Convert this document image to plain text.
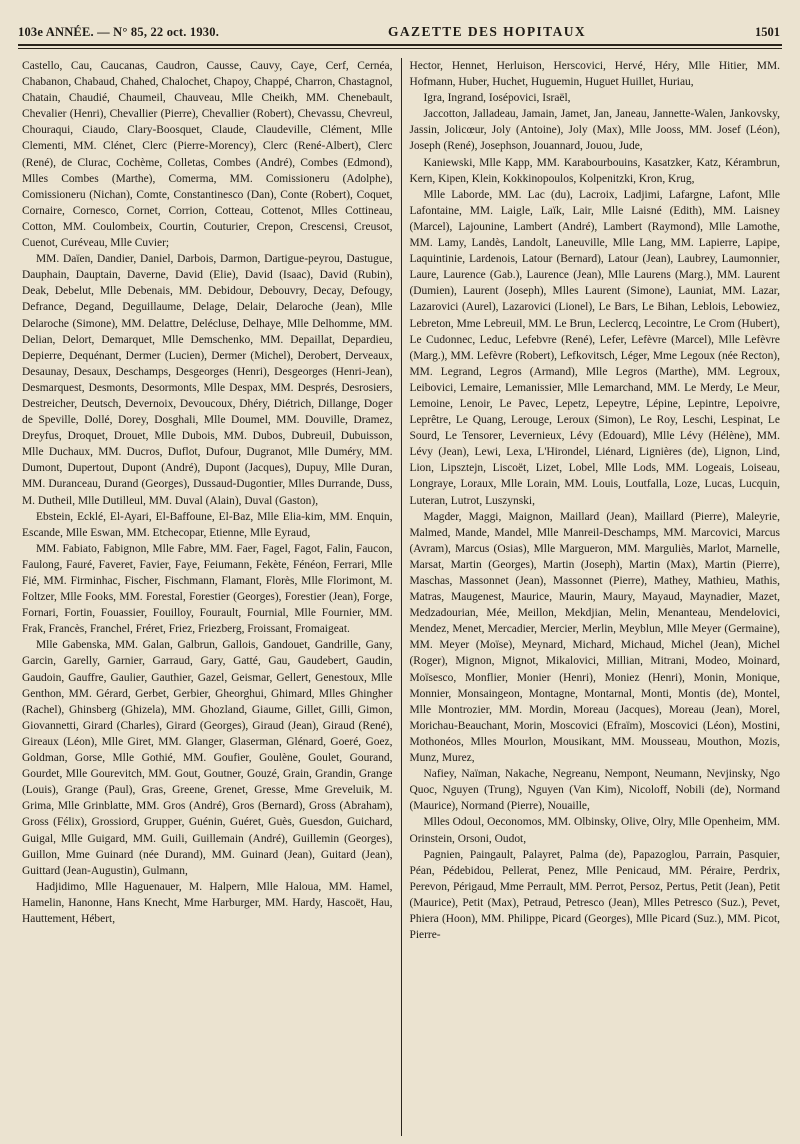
103e ANNÉE. — N° 85, 22 oct. 1930.	GAZETTE DES HOPITAUX	1501

Castello, Cau, Caucanas, Caudron, Causse, Cauvy, Caye, Cerf, Cernéa, Chabanon, Chabaud, Chahed, Chalochet, Chapoy, Chappé, Charron, Chastagnol, Chatain, Chaudié, Chaumeil, Chauveau, Mlle Cheikh, MM. Chenebault, Chevalier (Henri), Chevallier (Pierre), Chevallier (Robert), Chevassu, Chevreul, Chouraqui, Ciaudo, Clary-Boosquet, Claude, Claudeville, Clément, Mlle Clementi, MM. Clénet, Clerc (Pierre-Morency), Clerc (René-Albert), Clerc (René), de Clurac, Cochème, Colletas, Combes (André), Combes (Edmond), Mlles Combes (Marthe), Comerma, MM. Comissioneru (Adolphe), Comissioneru (Nichan), Comte, Constantinesco (Dan), Conte (Robert), Coquet, Cornaire, Cornesco, Cornet, Corrion, Cotteau, Cottenot, Mlles Cottineau, Cotton, MM. Coulombeix, Courtin, Couturier, Crepon, Crescensi, Creusot, Cuenot, Curéveau, Mlle Cuvier;

MM. Daïen, Dandier, Daniel, Darbois, Darmon, Dartigue-peyrou, Dastugue, Dauphain, Dauptain, Daverne, David (Elie), David (Isaac), David (Rubin), Deak, Debelut, Mlle Debenais, MM. Debidour, Debouvry, Decay, Defougy, Defrance, Degand, Deguillaume, Delage, Delair, Delaroche (Jean), Mlle Delaroche (Simone), MM. Delattre, Delécluse, Delhaye, Mlle Delhomme, MM. Delian, Delort, Demarquet, Mlle Demschenko, MM. Depaillat, Depardieu, Depierre, Dequénant, Dermer (Lucien), Dermer (Michel), Derobert, Derveaux, Desaunay, Desaux, Deschamps, Desgeorges (Henri), Desgeorges (Henri-Jean), Desmarquest, Desmonts, Desormonts, Mlle Despax, MM. Després, Desrosiers, Destreicher, Deutsch, Devernoix, Devoucoux, Dhéry, Diétrich, Dillange, Doger de Speville, Dollé, Dorey, Dosghali, Mlle Doumel, MM. Douville, Dramez, Dreyfus, Droquet, Drouet, Mlle Dubois, MM. Dubos, Dubreuil, Dubuisson, Mlle Duchaux, MM. Ducros, Duflot, Dufour, Dugranot, Mlle Duméry, MM. Dumont, Dupertout, Dupont (André), Dupont (Jacques), Dupuy, Mlle Duran, MM. Duranceau, Durand (Georges), Dussaud-Dugontier, Mlles Durrande, Duss, M. Dutheil, Mlle Dutilleul, MM. Duval (Alain), Duval (Gaston),

Ebstein, Ecklé, El-Ayari, El-Baffoune, El-Baz, Mlle Elia-kim, MM. Enquin, Escande, Mlle Eswan, MM. Etchecopar, Etienne, Mlle Eyraud,

MM. Fabiato, Fabignon, Mlle Fabre, MM. Faer, Fagel, Fagot, Falin, Faucon, Faulong, Fauré, Faveret, Favier, Faye, Feiumann, Fekète, Fénéon, Ferrari, Mlle Fié, MM. Firminhac, Fischer, Fischmann, Flamant, Florès, Mlle Florimont, M. Foltzer, Mlle Fooks, MM. Forestal, Forestier (Georges), Forestier (Jean), Forge, Fornari, Fortin, Fouassier, Fouilloy, Fourault, Fournial, Mlle Fournier, MM. Frak, Francès, Franchel, Fréret, Friez, Friezberg, Froissant, Fromaigeat.

Mlle Gabenska, MM. Galan, Galbrun, Gallois, Gandouet, Gandrille, Gany, Garcin, Garelly, Garnier, Garraud, Gary, Gatté, Gau, Gaudebert, Gaudin, Gaudoin, Gauffre, Gaulier, Gauthier, Gazel, Geismar, Gellert, Genestoux, Mlle Genthon, MM. Gérard, Gerbet, Gerbier, Gheorghui, Ghimard, Mlles Ghingher (Rachel), Ghinsberg (Ghizela), MM. Ghozland, Giaume, Gillet, Gilli, Gimon, Giovannetti, Girard (Charles), Girard (Georges), Giraud (Jean), Giraud (René), Gireaux (Léon), Mlle Giret, MM. Glanger, Glaserman, Glénard, Goeré, Goez, Goldman, Gorse, Mlle Gothié, MM. Goufier, Goulène, Goulet, Gourand, Gourdet, Mlle Gourevitch, MM. Gout, Goutner, Gouzé, Grain, Grandin, Grange (Louis), Grange (Paul), Gras, Greene, Grenet, Gresse, Mme Greveluik, M. Grima, Mlle Grinblatte, MM. Gros (André), Gros (Bernard), Gross (Abraham), Gross (Félix), Grossiord, Grupper, Guénin, Guéret, Guès, Guesdon, Guichard, Guigal, Mlle Guigard, MM. Guili, Guillemain (André), Guillemin (Georges), Guillon, Mme Guinard (née Durand), MM. Guinard (Jean), Guitard (Jean), Guittard (Jean-Augustin), Gulmann,

Hadjidimo, Mlle Haguenauer, M. Halpern, Mlle Haloua, MM. Hamel, Hamelin, Hanonne, Hans Knecht, Mme Harburger, MM. Hardy, Hascoët, Hau, Hauttement, Hébert,

Hector, Hennet, Herluison, Herscovici, Hervé, Héry, Mlle Hitier, MM. Hofmann, Huber, Huchet, Huguemin, Huguet Huillet, Huriau,

Igra, Ingrand, Iosépovici, Israël,

Jaccotton, Jalladeau, Jamain, Jamet, Jan, Janeau, Jannette-Walen, Jankovsky, Jassin, Jolicœur, Joly (Antoine), Joly (Max), Mlle Jooss, MM. Josef (Léon), Joseph (René), Josephson, Jouannard, Jouou, Jude,

Kaniewski, Mlle Kapp, MM. Karabourbouins, Kasatzker, Katz, Kérambrun, Kern, Kipen, Klein, Kokkinopoulos, Kolpenitzki, Kron, Krug,

Mlle Laborde, MM. Lac (du), Lacroix, Ladjimi, Lafargne, Lafont, Mlle Lafontaine, MM. Laigle, Laïk, Lair, Mlle Laisné (Edith), MM. Laisney (Marcel), Lajounine, Lambert (André), Lambert (Raymond), Mlle Lamothe, MM. Lamy, Landès, Landolt, Laneuville, Mlle Lang, MM. Lapierre, Lapipe, Laquintinie, Lardenois, Latour (Bernard), Latour (Jean), Laubrey, Laumonnier, Laure, Laurence (Gab.), Laurence (Jean), Mlle Laurens (Marg.), MM. Laurent (Dumien), Laurent (Joseph), Mlles Laurent (Simone), Launiat, MM. Lazar, Lazarovici (Aurel), Lazarovici (Lionel), Le Bars, Le Bihan, Leblois, Lebowiez, Lebreton, Mme Lebreuil, MM. Le Brun, Leclercq, Lecointre, Le Crom (Hubert), Le Cudonnec, Leduc, Lefebvre (René), Lefer, Lefèvre (Marcel), Mlle Lefèvre (Marg.), MM. Lefèvre (Robert), Lefkovitsch, Léger, Mme Legoux (née Recton), MM. Legrand, Legros (Armand), Mlle Legros (Marthe), MM. Legroux, Leibovici, Lemaire, Lemanissier, Mlle Lemarchand, MM. Le Merdy, Le Meur, Lemoine, Lenoir, Le Pavec, Lepetz, Lepeytre, Lépine, Lepintre, Lepoivre, Leprêtre, Le Quang, Lerouge, Leroux (Simon), Le Roy, Leschi, Lespinat, Le Sourd, Le Tensorer, Levernieux, Lévy (Edouard), Mlle Lévy (Hélène), MM. Lévy (Jean), Lewi, Lexa, L'Hirondel, Liénard, Lignières (de), Lignon, Lind, Lion, Lipsztejn, Liscoët, Lizet, Lobel, Mlle Lods, MM. Logeais, Loiseau, Longraye, Loraux, Mlle Lorain, MM. Louis, Loutfalla, Loze, Lucas, Lucquin, Luteran, Lutrot, Luszynski,

Magder, Maggi, Maignon, Maillard (Jean), Maillard (Pierre), Maleyrie, Malmed, Mande, Mandel, Mlle Manreil-Deschamps, MM. Marcovici, Marcus (Avram), Marcus (Osias), Mlle Margueron, MM. Marguliès, Marlot, Marnelle, Marsat, Martin (Georges), Martin (Joseph), Martin (Max), Martin (Pierre), Maschas, Massonnet (Jean), Massonnet (Pierre), Mathey, Mathieu, Mathis, Matras, Maugenest, Maurice, Maurin, Maury, Mayaud, Maynadier, Mazet, Medzadourian, Mée, Meillon, Mekdjian, Melin, Menanteau, Mendelovici, Mendez, Menet, Mercadier, Mercier, Merlin, Meyblun, Mlle Meyer (Germaine), MM. Meyer (Moïse), Meynard, Michard, Michaud, Michel (Jean), Michel (Roger), Mignon, Mignot, Mikalovici, Millian, Mitrani, Modeo, Moinard, Moïsesco, Monflier, Monier (Henri), Moniez (Henri), Monin, Monique, Monnier, Monsaingeon, Montagne, Montarnal, Monti, Montis (de), Montel, Mlle Montrozier, MM. Mordin, Moreau (Jacques), Moreau (Jean), Morel, Morichau-Beauchant, Morin, Moscovici (Efraïm), Moscovici (Léon), Mostini, Mothonéos, Mlles Mourlon, Mousikant, MM. Mousseau, Mouthon, Mozis, Munz, Murez,

Nafiey, Naïman, Nakache, Negreanu, Nempont, Neumann, Nevjinsky, Ngo Quoc, Nguyen (Trung), Nguyen (Van Kim), Nicoloff, Nobili (de), Normand (Maurice), Normand (Pierre), Nouaille,

Mlles Odoul, Oeconomos, MM. Olbinsky, Olive, Olry, Mlle Openheim, MM. Orinstein, Orsoni, Oudot,

Pagnien, Paingault, Palayret, Palma (de), Papazoglou, Parrain, Pasquier, Péan, Pédebidou, Pellerat, Penez, Mlle Penicaud, MM. Péraire, Perdrix, Perevon, Périgaud, Mme Perrault, MM. Perrot, Persoz, Pertus, Petit (Jean), Petit (Maurice), Petit (Max), Petraud, Petresco (Jean), Mlles Petresco (Suz.), Pevet, Phiera (Hoon), MM. Philippe, Picard (Georges), Mlle Picard (Suz.), MM. Picot, Pierre-
